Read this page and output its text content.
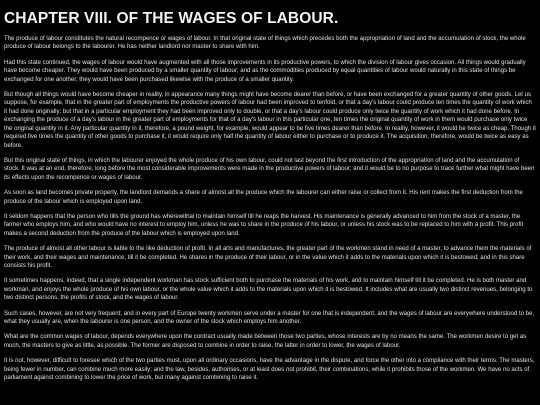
CHAPTER VIII. OF THE WAGES OF LABOUR.

The produce of labour constitutes the natural recompence or wages of labour. In that original state of things which precedes both the appropriation of land and the accumulation of stock, the whole produce of labour belongs to the labourer. He has neither landlord nor master to share with him.

Had this state continued, the wages of labour would have augmented with all those improvements in its productive powers, to which the division of labour gives occasion. All things would gradually have become cheaper. They would have been produced by a smaller quantity of labour; and as the commodities produced by equal quantities of labour would naturally in this state of things be exchanged for one another, they would have been purchased likewise with the produce of a smaller quantity.

But though all things would have become cheaper in reality, in appearance many things might have become dearer than before, or have been exchanged for a greater quantity of other goods. Let us suppose, for example, that in the greater part of employments the productive powers of labour had been improved to tenfold, or that a day's labour could produce ten times the quantity of work which it had done originally; but that in a particular employment they had been improved only to double, or that a day's labour could produce only twice the quantity of work which it had done before. In exchanging the produce of a day's labour in the greater part of employments for that of a day's labour in this particular one, ten times the original quantity of work in them would purchase only twice the original quantity in it. Any particular quantity in it, therefore, a pound weight, for example, would appear to be five times dearer than before. In reality, however, it would be twice as cheap. Though it required five times the quantity of other goods to purchase it, it would require only half the quantity of labour either to purchase or to produce it. The acquisition, therefore, would be twice as easy as before.

But this original state of things, in which the labourer enjoyed the whole produce of his own labour, could not last beyond the first introduction of the appropriation of land and the accumulation of stock. It was at an end, therefore, long before the most considerable improvements were made in the productive powers of labour; and it would be to no purpose to trace further what might have been its effects upon the recompence or wages of labour.

As soon as land becomes private property, the landlord demands a share of almost all the produce which the labourer can either raise or collect from it. His rent makes the first deduction from the produce of the labour which is employed upon land.

It seldom happens that the person who tills the ground has wherewithal to maintain himself till he reaps the harvest. His maintenance is generally advanced to him from the stock of a master, the farmer who employs him, and who would have no interest to employ him, unless he was to share in the produce of his labour, or unless his stock was to be replaced to him with a profit. This profit makes a second deduction from the produce of the labour which is employed upon land.

The produce of almost all other labour is liable to the like deduction of profit. In all arts and manufactures, the greater part of the workmen stand in need of a master, to advance them the materials of their work, and their wages and maintenance, till it be completed. He shares in the produce of their labour, or in the value which it adds to the materials upon which it is bestowed; and in this share consists his profit.

It sometimes happens, indeed, that a single independent workman has stock sufficient both to purchase the materials of his work, and to maintain himself till it be completed. He is both master and workman, and enjoys the whole produce of his own labour, or the whole value which it adds to the materials upon which it is bestowed. It includes what are usually two distinct revenues, belonging to two distinct persons, the profits of stock, and the wages of labour.

Such cases, however, are not very frequent; and in every part of Europe twenty workmen serve under a master for one that is independent, and the wages of labour are everywhere understood to be, what they usually are, when the labourer is one person, and the owner of the stock which employs him another.

What are the common wages of labour, depends everywhere upon the contract usually made between those two parties, whose interests are by no means the same. The workmen desire to get as much, the masters to give as little, as possible. The former are disposed to combine in order to raise, the latter in order to lower, the wages of labour.

It is not, however, difficult to foresee which of the two parties must, upon all ordinary occasions, have the advantage in the dispute, and force the other into a compliance with their terms. The masters, being fewer in number, can combine much more easily; and the law, besides, authorises, or at least does not prohibit, their combinations, while it prohibits those of the workmen. We have no acts of parliament against combining to lower the price of work, but many against combining to raise it.
